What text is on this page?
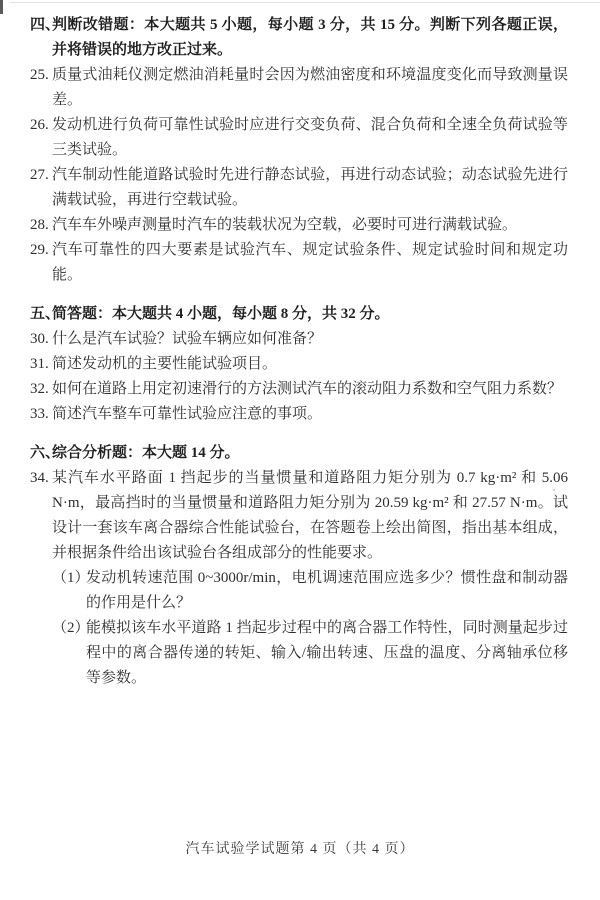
四、
判断改错题：本大题共 5 小题，每小题 3 分，共 15 分。判断下列各题正误，并将错误的地方改正过来。
25. 质量式油耗仪测定燃油消耗量时会因为燃油密度和环境温度变化而导致测量误差。
26. 发动机进行负荷可靠性试验时应进行交变负荷、混合负荷和全速全负荷试验等三类试验。
27. 汽车制动性能道路试验时先进行静态试验，再进行动态试验；动态试验先进行满载试验，再进行空载试验。
28. 汽车车外噪声测量时汽车的装载状况为空载，必要时可进行满载试验。
29. 汽车可靠性的四大要素是试验汽车、规定试验条件、规定试验时间和规定功能。
五、
简答题：本大题共 4 小题，每小题 8 分，共 32 分。
30. 什么是汽车试验？试验车辆应如何准备？
31. 简述发动机的主要性能试验项目。
32. 如何在道路上用定初速滑行的方法测试汽车的滚动阻力系数和空气阻力系数？
33. 简述汽车整车可靠性试验应注意的事项。
六、
综合分析题：本大题 14 分。
34. 某汽车水平路面 1 挡起步的当量惯量和道路阻力矩分别为 0.7 kg·m² 和 5.06 N·m，最高挡时的当量惯量和道路阻力矩分别为 20.59 kg·m² 和 27.57 N·m。试设计一套该车离合器综合性能试验台，在答题卷上绘出简图，指出基本组成，并根据条件给出该试验台各组成部分的性能要求。
（1）
发动机转速范围 0~3000r/min，电机调速范围应选多少？惯性盘和制动器的作用是什么？
（2）
能模拟该车水平道路 1 挡起步过程中的离合器工作特性，同时测量起步过程中的离合器传递的转矩、输入/输出转速、压盘的温度、分离轴承位移等参数。
汽车试验学试题第 4 页（共 4 页）
